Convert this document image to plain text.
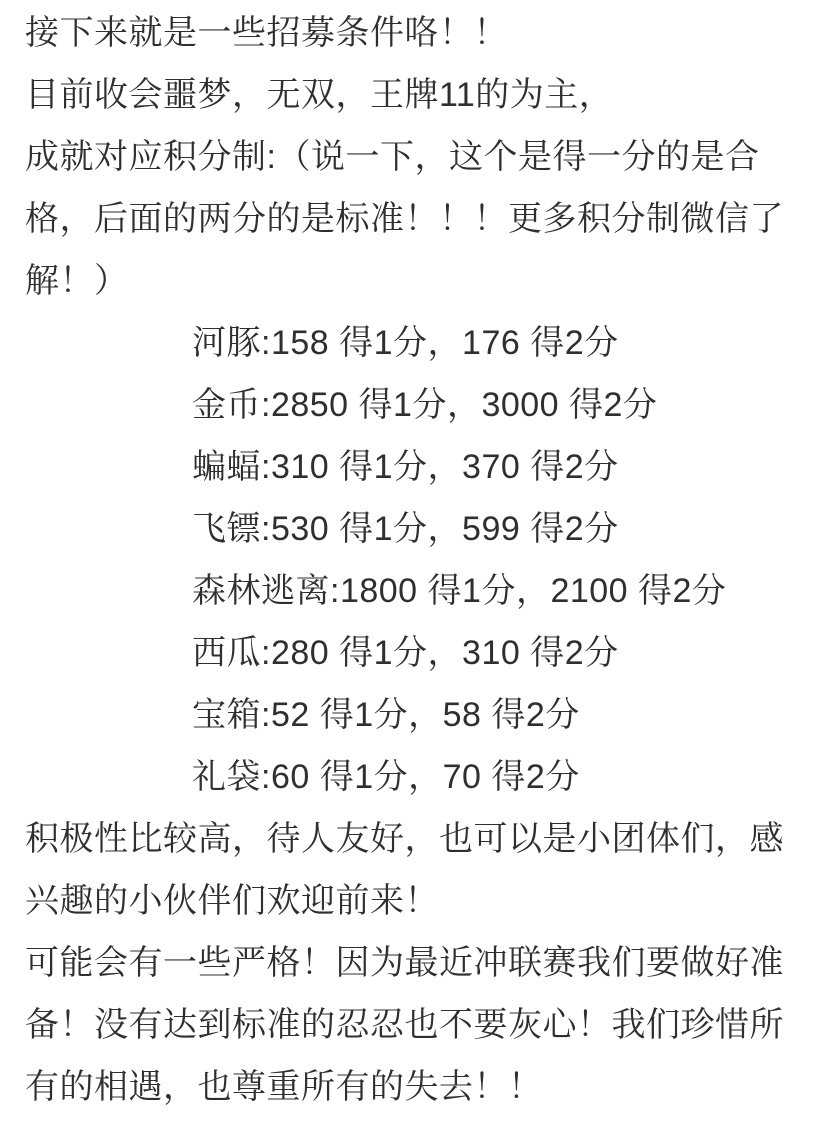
接下来就是一些招募条件咯！！
目前收会噩梦，无双，王牌11的为主，
成就对应积分制:（说一下，这个是得一分的是合
格，后面的两分的是标准！！！更多积分制微信了
解！）
河豚:158 得1分，176 得2分
金币:2850 得1分，3000 得2分
蝙蝠:310 得1分，370 得2分
飞镖:530 得1分，599 得2分
森林逃离:1800 得1分，2100 得2分
西瓜:280 得1分，310 得2分
宝箱:52 得1分，58 得2分
礼袋:60 得1分，70 得2分
积极性比较高，待人友好，也可以是小团体们，感
兴趣的小伙伴们欢迎前来！
可能会有一些严格！因为最近冲联赛我们要做好准
备！没有达到标准的忍忍也不要灰心！我们珍惜所
有的相遇，也尊重所有的失去！！
